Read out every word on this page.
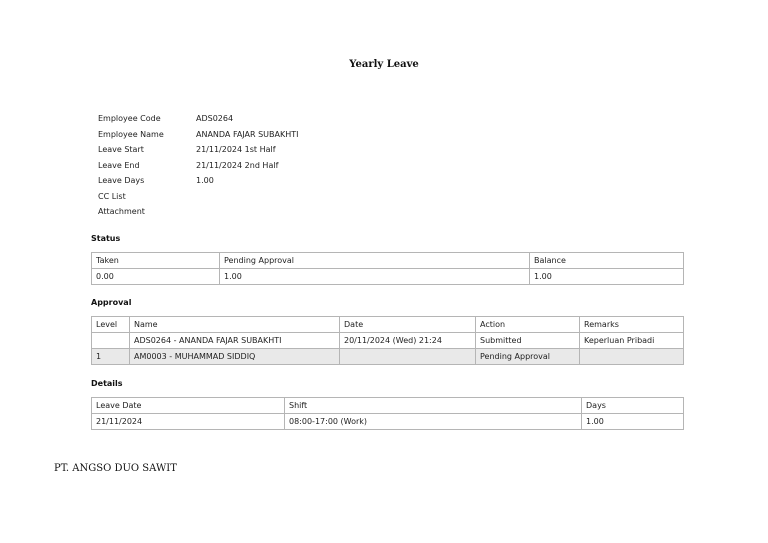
Yearly Leave
Employee Code	ADS0264
Employee Name	ANANDA FAJAR SUBAKHTI
Leave Start	21/11/2024 1st Half
Leave End	21/11/2024 2nd Half
Leave Days	1.00
CC List
Attachment
Status
Taken	Pending Approval	Balance
0.00	1.00	1.00
Approval
Level	Name	Date	Action	Remarks
	ADS0264 - ANANDA FAJAR SUBAKHTI	20/11/2024 (Wed) 21:24	Submitted	Keperluan Pribadi
1	AM0003 - MUHAMMAD SIDDIQ		Pending Approval	
Details
Leave Date	Shift	Days
21/11/2024	08:00-17:00 (Work)	1.00
PT. ANGSO DUO SAWIT
